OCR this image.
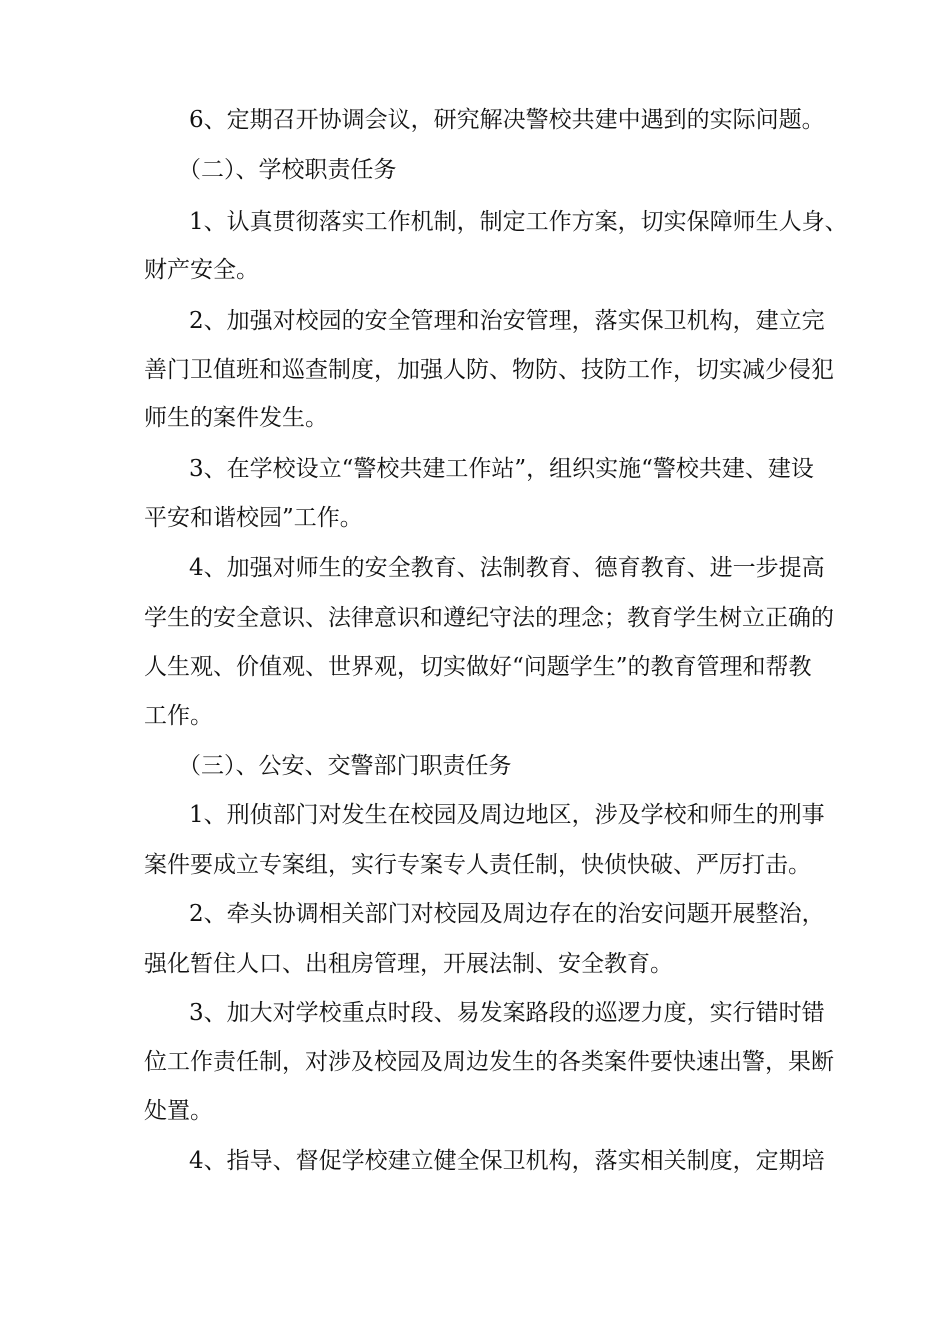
6、定期召开协调会议，研究解决警校共建中遇到的实际问题。
（二）、学校职责任务
1、认真贯彻落实工作机制，制定工作方案，切实保障师生人身、
财产安全。
2、加强对校园的安全管理和治安管理，落实保卫机构，建立完
善门卫值班和巡查制度，加强人防、物防、技防工作，切实减少侵犯
师生的案件发生。
3、在学校设立“警校共建工作站”，组织实施“警校共建、建设
平安和谐校园”工作。
4、加强对师生的安全教育、法制教育、德育教育、进一步提高
学生的安全意识、法律意识和遵纪守法的理念；教育学生树立正确的
人生观、价值观、世界观，切实做好“问题学生”的教育管理和帮教
工作。
（三）、公安、交警部门职责任务
1、刑侦部门对发生在校园及周边地区，涉及学校和师生的刑事
案件要成立专案组，实行专案专人责任制，快侦快破、严厉打击。
2、牵头协调相关部门对校园及周边存在的治安问题开展整治，
强化暂住人口、出租房管理，开展法制、安全教育。
3、加大对学校重点时段、易发案路段的巡逻力度，实行错时错
位工作责任制，对涉及校园及周边发生的各类案件要快速出警，果断
处置。
4、指导、督促学校建立健全保卫机构，落实相关制度，定期培
